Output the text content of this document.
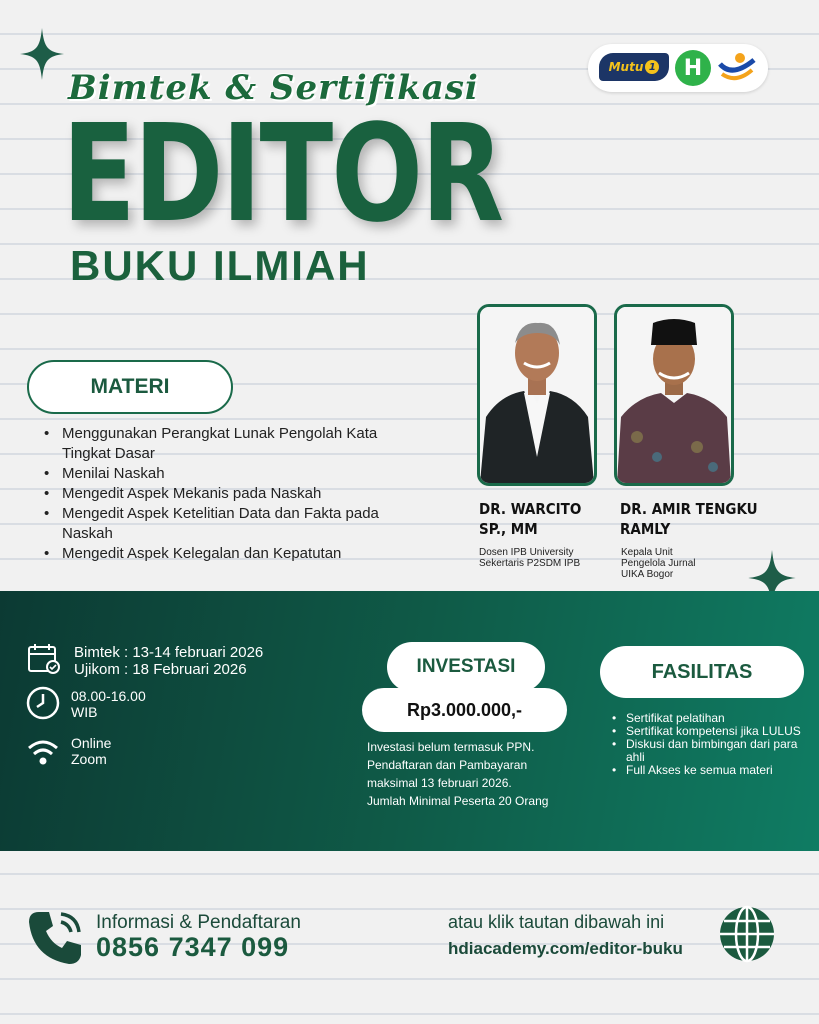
Mutu 1	H
Bimtek & Sertifikasi
EDITOR
BUKU ILMIAH
MATERI
• Menggunakan Perangkat Lunak Pengolah Kata Tingkat Dasar
• Menilai Naskah
• Mengedit Aspek Mekanis pada Naskah
• Mengedit Aspek Ketelitian Data dan Fakta pada Naskah
• Mengedit Aspek Kelegalan dan Kepatutan
DR. WARCITO
SP., MM
Dosen IPB University
Sekertaris P2SDM IPB
DR. AMIR TENGKU
RAMLY
Kepala Unit
Pengelola Jurnal
UIKA Bogor
Bimtek : 13-14 februari 2026
Ujikom : 18 Februari 2026
08.00-16.00
WIB
Online
Zoom
INVESTASI
Rp3.000.000,-
Investasi belum termasuk PPN.
Pendaftaran dan Pambayaran
maksimal 13 februari 2026.
Jumlah Minimal Peserta 20 Orang
FASILITAS
• Sertifikat pelatihan
• Sertifikat kompetensi jika LULUS
• Diskusi dan bimbingan dari para ahli
• Full Akses ke semua materi
Informasi & Pendaftaran
0856 7347 099
atau klik tautan dibawah ini
hdiacademy.com/editor-buku
